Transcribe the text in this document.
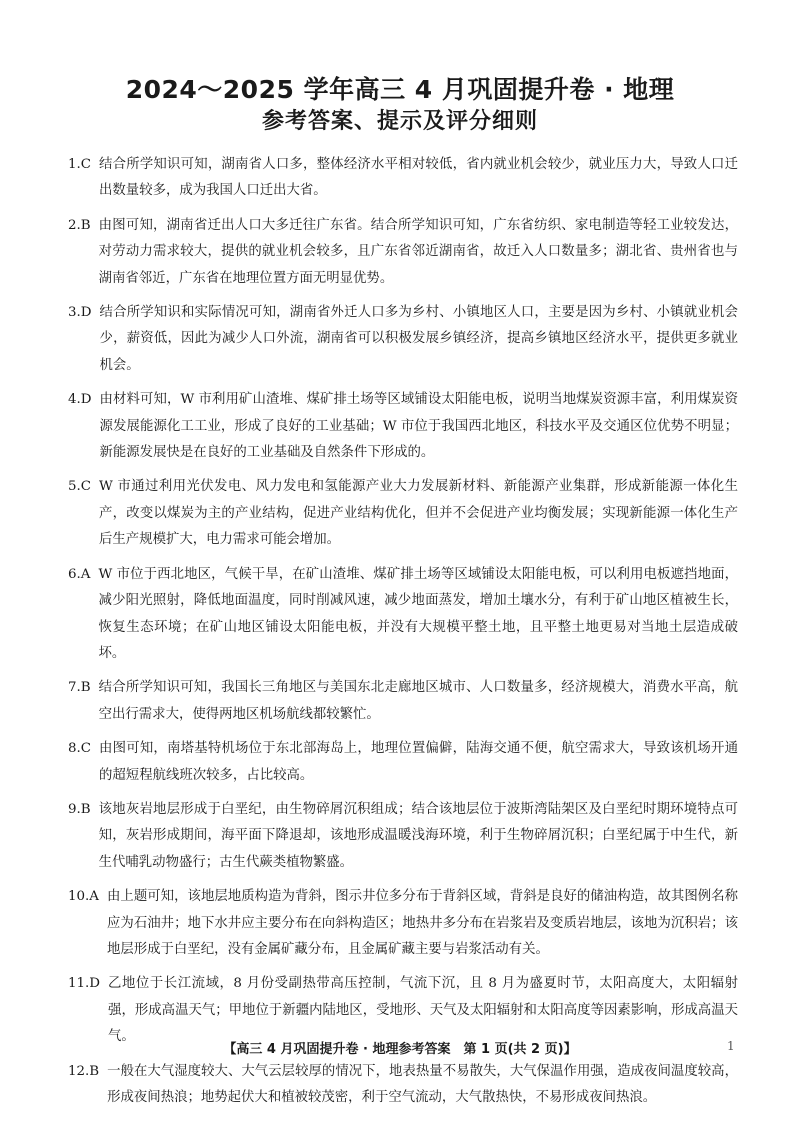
2024～2025 学年高三 4 月巩固提升卷 · 地理
参考答案、提示及评分细则
1.C 结合所学知识可知，湖南省人口多，整体经济水平相对较低，省内就业机会较少，就业压力大，导致人口迁出数量较多，成为我国人口迁出大省。
2.B 由图可知，湖南省迁出人口大多迁往广东省。结合所学知识可知，广东省纺织、家电制造等轻工业较发达，对劳动力需求较大，提供的就业机会较多，且广东省邻近湖南省，故迁入人口数量多；湖北省、贵州省也与湖南省邻近，广东省在地理位置方面无明显优势。
3.D 结合所学知识和实际情况可知，湖南省外迁人口多为乡村、小镇地区人口，主要是因为乡村、小镇就业机会少，薪资低，因此为减少人口外流，湖南省可以积极发展乡镇经济，提高乡镇地区经济水平，提供更多就业机会。
4.D 由材料可知，W 市利用矿山渣堆、煤矿排土场等区域铺设太阳能电板，说明当地煤炭资源丰富，利用煤炭资源发展能源化工工业，形成了良好的工业基础；W 市位于我国西北地区，科技水平及交通区位优势不明显；新能源发展快是在良好的工业基础及自然条件下形成的。
5.C W 市通过利用光伏发电、风力发电和氢能源产业大力发展新材料、新能源产业集群，形成新能源一体化生产，改变以煤炭为主的产业结构，促进产业结构优化，但并不会促进产业均衡发展；实现新能源一体化生产后生产规模扩大，电力需求可能会增加。
6.A W 市位于西北地区，气候干旱，在矿山渣堆、煤矿排土场等区域铺设太阳能电板，可以利用电板遮挡地面，减少阳光照射，降低地面温度，同时削减风速，减少地面蒸发，增加土壤水分，有利于矿山地区植被生长，恢复生态环境；在矿山地区铺设太阳能电板，并没有大规模平整土地，且平整土地更易对当地土层造成破坏。
7.B 结合所学知识可知，我国长三角地区与美国东北走廊地区城市、人口数量多，经济规模大，消费水平高，航空出行需求大，使得两地区机场航线都较繁忙。
8.C 由图可知，南塔基特机场位于东北部海岛上，地理位置偏僻，陆海交通不便，航空需求大，导致该机场开通的超短程航线班次较多，占比较高。
9.B 该地灰岩地层形成于白垩纪，由生物碎屑沉积组成；结合该地层位于波斯湾陆架区及白垩纪时期环境特点可知，灰岩形成期间，海平面下降退却，该地形成温暖浅海环境，利于生物碎屑沉积；白垩纪属于中生代，新生代哺乳动物盛行；古生代蕨类植物繁盛。
10.A 由上题可知，该地层地质构造为背斜，图示井位多分布于背斜区域，背斜是良好的储油构造，故其图例名称应为石油井；地下水井应主要分布在向斜构造区；地热井多分布在岩浆岩及变质岩地层，该地为沉积岩；该地层形成于白垩纪，没有金属矿藏分布，且金属矿藏主要与岩浆活动有关。
11.D 乙地位于长江流域，8 月份受副热带高压控制，气流下沉，且 8 月为盛夏时节，太阳高度大，太阳辐射强，形成高温天气；甲地位于新疆内陆地区，受地形、天气及太阳辐射和太阳高度等因素影响，形成高温天气。
12.B 一般在大气湿度较大、大气云层较厚的情况下，地表热量不易散失，大气保温作用强，造成夜间温度较高，形成夜间热浪；地势起伏大和植被较茂密，利于空气流动，大气散热快，不易形成夜间热浪。
【高三 4 月巩固提升卷 · 地理参考答案　第 1 页(共 2 页)】	1
